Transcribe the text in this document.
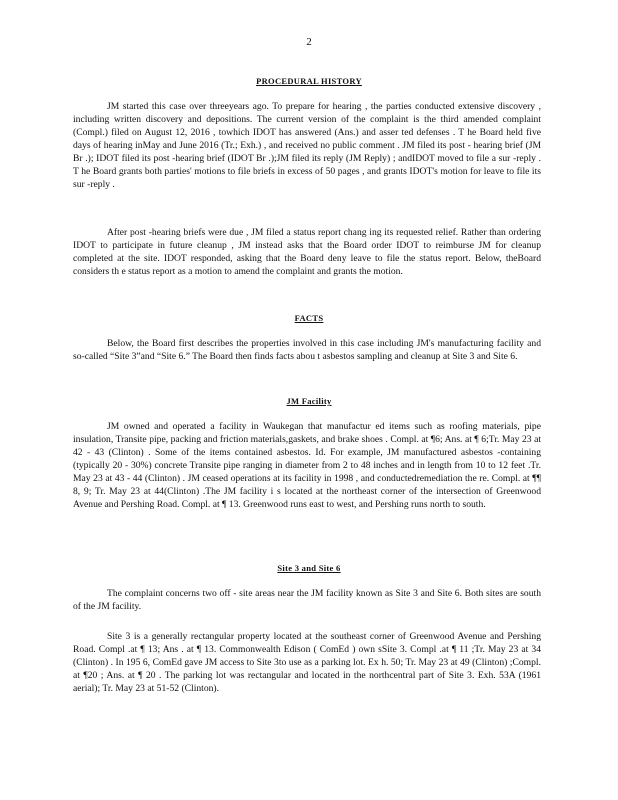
2
PROCEDURAL HISTORY

JM started this case over threeyears ago. To prepare for hearing , the parties conducted extensive discovery , including written discovery and depositions. The current version of the complaint is the third amended complaint (Compl.) filed on August 12, 2016 , towhich IDOT has answered (Ans.) and asser ted defenses . T he Board held five days of hearing inMay and June 2016 (Tr.; Exh.) , and received no public comment . JM filed its post - hearing brief (JM Br .); IDOT filed its post -hearing brief (IDOT Br .);JM filed its reply (JM Reply) ; andIDOT moved to file a sur -reply . T he Board grants both parties' motions to file briefs in excess of 50 pages , and grants IDOT's motion for leave to file its sur -reply .

After post -hearing briefs were due , JM filed a status report chang ing its requested relief. Rather than ordering IDOT to participate in future cleanup , JM instead asks that the Board order IDOT to reimburse JM for cleanup completed at the site. IDOT responded, asking that the Board deny leave to file the status report. Below, theBoard considers th e status report as a motion to amend the complaint and grants the motion.

FACTS

Below, the Board first describes the properties involved in this case including JM's manufacturing facility and so-called “Site 3”and “Site 6.” The Board then finds facts abou t asbestos sampling and cleanup at Site 3 and Site 6.

JM Facility

JM owned and operated a facility in Waukegan that manufactur ed items such as roofing materials, pipe insulation, Transite pipe, packing and friction materials,gaskets, and brake shoes . Compl. at ¶6; Ans. at ¶ 6;Tr. May 23 at 42 - 43 (Clinton) . Some of the items contained asbestos. Id. For example, JM manufactured asbestos -containing (typically 20 - 30%) concrete Transite pipe ranging in diameter from 2 to 48 inches and in length from 10 to 12 feet .Tr. May 23 at 43 - 44 (Clinton) . JM ceased operations at its facility in 1998 , and conductedremediation the re. Compl. at ¶¶ 8, 9; Tr. May 23 at 44(Clinton) .The JM facility i s located at the northeast corner of the intersection of Greenwood Avenue and Pershing Road. Compl. at ¶ 13. Greenwood runs east to west, and Pershing runs north to south.

Site 3 and Site 6

The complaint concerns two off - site areas near the JM facility known as Site 3 and Site 6. Both sites are south of the JM facility.

Site 3 is a generally rectangular property located at the southeast corner of Greenwood Avenue and Pershing Road. Compl .at ¶ 13; Ans . at ¶ 13. Commonwealth Edison ( ComEd ) own sSite 3. Compl .at ¶ 11 ;Tr. May 23 at 34 (Clinton) . In 195 6, ComEd gave JM access to Site 3to use as a parking lot. Ex h. 50; Tr. May 23 at 49 (Clinton) ;Compl. at ¶20 ; Ans. at ¶ 20 . The parking lot was rectangular and located in the northcentral part of Site 3. Exh. 53A (1961 aerial); Tr. May 23 at 51-52 (Clinton).
